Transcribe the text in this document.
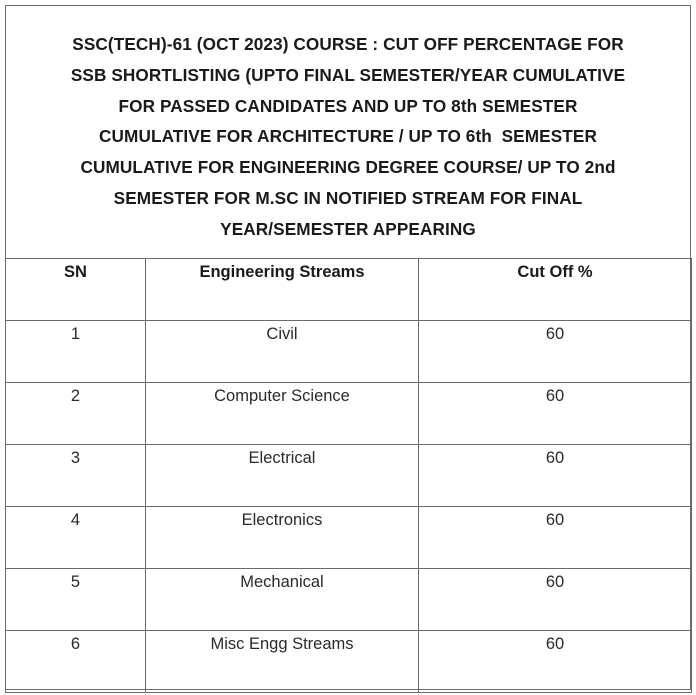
SSC(TECH)-61 (OCT 2023) COURSE : CUT OFF PERCENTAGE FOR
SSB SHORTLISTING (UPTO FINAL SEMESTER/YEAR CUMULATIVE
FOR PASSED CANDIDATES AND UP TO 8th SEMESTER
CUMULATIVE FOR ARCHITECTURE / UP TO 6th  SEMESTER
CUMULATIVE FOR ENGINEERING DEGREE COURSE/ UP TO 2nd
SEMESTER FOR M.SC IN NOTIFIED STREAM FOR FINAL
YEAR/SEMESTER APPEARING
SN	Engineering Streams	Cut Off %
1	Civil	60
2	Computer Science	60
3	Electrical	60
4	Electronics	60
5	Mechanical	60
6	Misc Engg Streams	60
